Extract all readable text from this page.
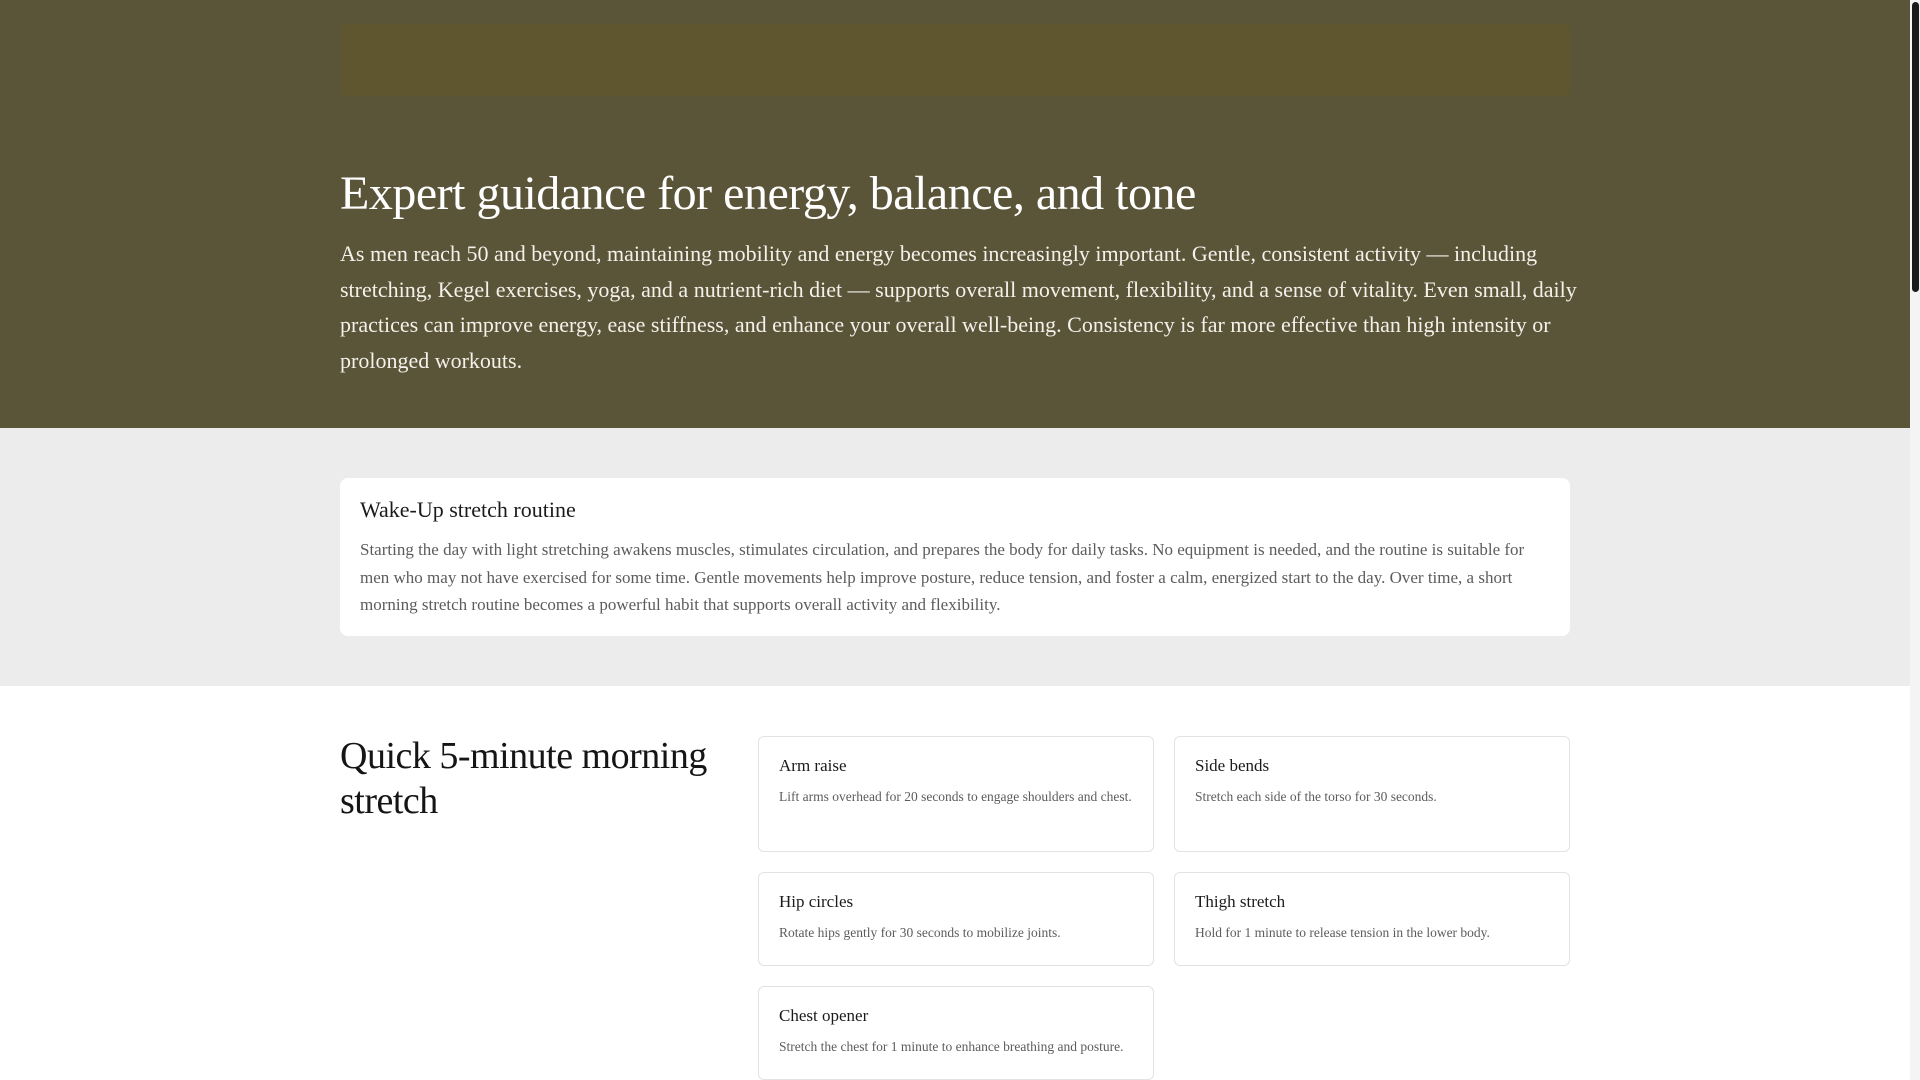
Expert guidance for energy, balance, and tone

As men reach 50 and beyond, maintaining mobility and energy becomes increasingly important. Gentle, consistent activity — including stretching, Kegel exercises, yoga, and a nutrient-rich diet — supports overall movement, flexibility, and a sense of vitality. Even small, daily practices can improve energy, ease stiffness, and enhance your overall well-being. Consistency is far more effective than high intensity or prolonged workouts.

Wake-Up stretch routine

Starting the day with light stretching awakens muscles, stimulates circulation, and prepares the body for daily tasks. No equipment is needed, and the routine is suitable for men who may not have exercised for some time. Gentle movements help improve posture, reduce tension, and foster a calm, energized start to the day. Over time, a short morning stretch routine becomes a powerful habit that supports overall activity and flexibility.

Quick 5-minute morning stretch
Arm raise

Lift arms overhead for 20 seconds to engage shoulders and chest.

Side bends

Stretch each side of the torso for 30 seconds.

Hip circles

Rotate hips gently for 30 seconds to mobilize joints.

Thigh stretch

Hold for 1 minute to release tension in the lower body.

Chest opener

Stretch the chest for 1 minute to enhance breathing and posture.
